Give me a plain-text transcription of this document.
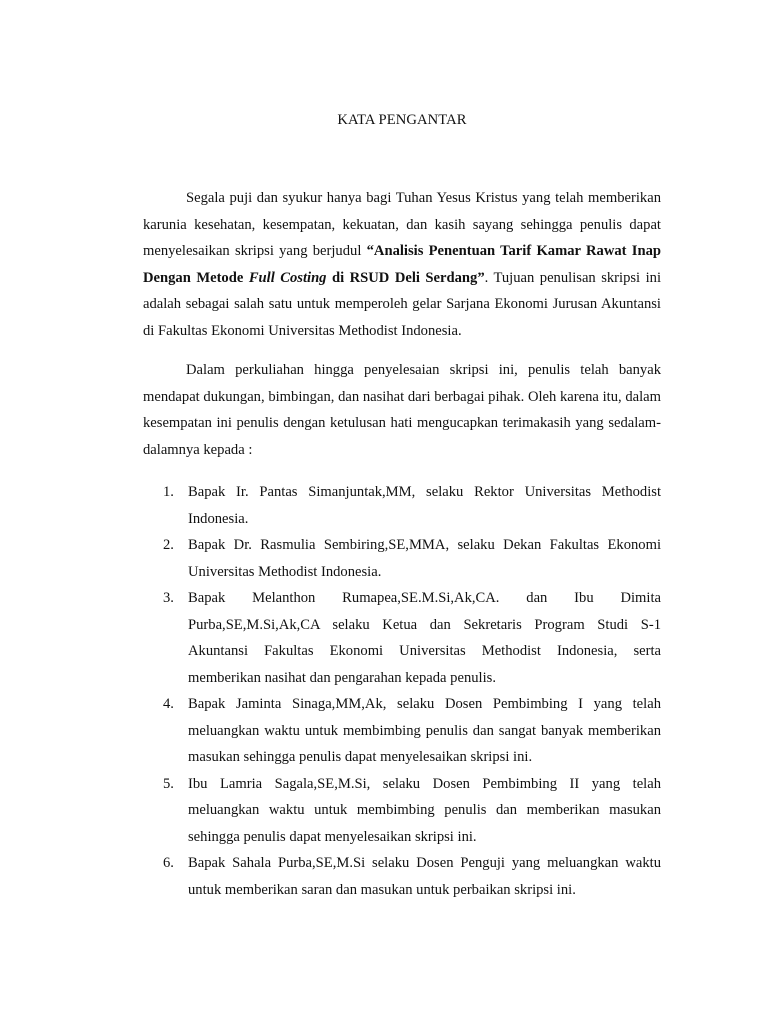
KATA PENGANTAR

Segala puji dan syukur hanya bagi Tuhan Yesus Kristus yang telah memberikan karunia kesehatan, kesempatan, kekuatan, dan kasih sayang sehingga penulis dapat menyelesaikan skripsi yang berjudul “Analisis Penentuan Tarif Kamar Rawat Inap Dengan Metode Full Costing di RSUD Deli Serdang”. Tujuan penulisan skripsi ini adalah sebagai salah satu untuk memperoleh gelar Sarjana Ekonomi Jurusan Akuntansi di Fakultas Ekonomi Universitas Methodist Indonesia.

Dalam perkuliahan hingga penyelesaian skripsi ini, penulis telah banyak mendapat dukungan, bimbingan, dan nasihat dari berbagai pihak. Oleh karena itu, dalam kesempatan ini penulis dengan ketulusan hati mengucapkan terimakasih yang sedalam-dalamnya kepada :

1. Bapak Ir. Pantas Simanjuntak,MM, selaku Rektor Universitas Methodist Indonesia.
2. Bapak Dr. Rasmulia Sembiring,SE,MMA, selaku Dekan Fakultas Ekonomi Universitas Methodist Indonesia.
3. Bapak Melanthon Rumapea,SE.M.Si,Ak,CA. dan Ibu Dimita Purba,SE,M.Si,Ak,CA selaku Ketua dan Sekretaris Program Studi S-1 Akuntansi Fakultas Ekonomi Universitas Methodist Indonesia, serta memberikan nasihat dan pengarahan kepada penulis.
4. Bapak Jaminta Sinaga,MM,Ak, selaku Dosen Pembimbing I yang telah meluangkan waktu untuk membimbing penulis dan sangat banyak memberikan masukan sehingga penulis dapat menyelesaikan skripsi ini.
5. Ibu Lamria Sagala,SE,M.Si, selaku Dosen Pembimbing II yang telah meluangkan waktu untuk membimbing penulis dan memberikan masukan sehingga penulis dapat menyelesaikan skripsi ini.
6. Bapak Sahala Purba,SE,M.Si selaku Dosen Penguji yang meluangkan waktu untuk memberikan saran dan masukan untuk perbaikan skripsi ini.
